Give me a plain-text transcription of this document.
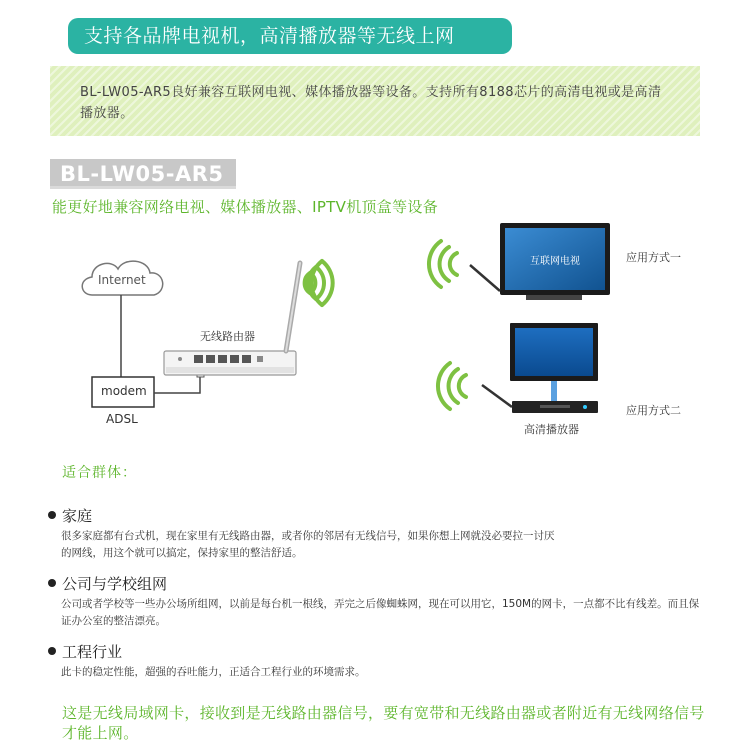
支持各品牌电视机，高清播放器等无线上网
BL-LW05-AR5良好兼容互联网电视、媒体播放器等设备。支持所有8188芯片的高清电视或是高清播放器。
BL-LW05-AR5
能更好地兼容网络电视、媒体播放器、IPTV机顶盒等设备
Internet
modem
ADSL
无线路由器
互联网电视	应用方式一
应用方式二
高清播放器
适合群体：
家庭
很多家庭都有台式机，现在家里有无线路由器，或者你的邻居有无线信号，如果你想上网就没必要拉一讨厌的网线，用这个就可以搞定，保持家里的整洁舒适。
公司与学校组网
公司或者学校等一些办公场所组网，以前是每台机一根线，弄完之后像蜘蛛网，现在可以用它，150M的网卡，一点都不比有线差。而且保证办公室的整洁漂亮。
工程行业
此卡的稳定性能，超强的吞吐能力，正适合工程行业的环境需求。
这是无线局域网卡，接收到是无线路由器信号，要有宽带和无线路由器或者附近有无线网络信号才能上网。
